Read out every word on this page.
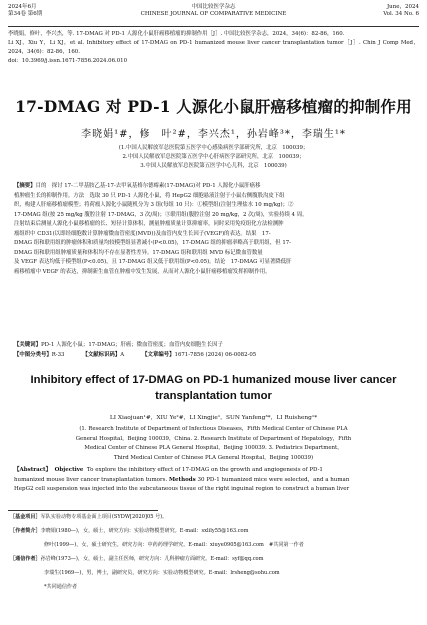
2024年6月	中国比较医学杂志	June，2024
第34卷 第6期	CHINESE JOURNAL OF COMPARATIVE MEDICINE	Vol. 34 No. 6
李晓娟，修叶，李兴杰，等. 17-DMAG 对 PD-1 人源化小鼠肝癌移植瘤的抑制作用［J］. 中国比较医学杂志，2024，34(6)：82-86，160.
Li XJ，Xiu Y，Li XJ，et al. Inhibitory effect of 17-DMAG on PD-1 humanized mouse liver cancer transplantation tumor［J］. Chin J Comp Med，2024，34(6)：82-86，160.
doi：10.3969/j.issn.1671-7856.2024.06.010
17-DMAG 对 PD-1 人源化小鼠肝癌移植瘤的抑制作用
李晓娟¹#，修　叶²#，李兴杰¹，孙岩峰³*，李瑞生¹*
(1.中国人民解放军总医院第五医学中心感染病医学部研究所，北京　100039；
2.中国人民解放军总医院第五医学中心肝病医学部研究所，北京　100039；
3.中国人民解放军总医院第五医学中心儿科，北京　100039)

【摘要】目的　探讨 17-二甲基胺乙基-17-去甲氧基格尔德霉素(17-DMAG)对 PD-1 人源化小鼠肝癌移

植肿瘤生长的抑制作用。方法　选取 30 只 PD-1 人源化小鼠，将 HepG2 细胞悬液注射于小鼠右侧腹股沟皮下组

织，构建人肝癌移植瘤模型；将荷瘤人源化小鼠随机分为 3 组(每组 10 只)：①模型组(注射生理盐水 10 mg/kg)；②

17-DMAG 组(按 25 mg/kg 腹腔注射 17-DMAG，3 次/周)；③联用组(腹腔注射 20 mg/kg，2 次/周)，实验持续 4 周。

注射结束后测量人源化小鼠移植瘤的长、短径计算体积，测量肿瘤质量计算抑瘤率，同时采用免疫组化方法检测肿

瘤组织中 CD31(以即经细胞数计算肿瘤微血管密度(MVD))及血管内皮生长因子(VEGF)的表达。结果　17-

DMAG 组和联用组的肿瘤体积和质量均较模型组显著减小(P<0.05)，17-DMAG 组的抑瘤率略高于联用组，但 17-

DMAG 组和联用组肿瘤质量和体积均不存在显著性差异。17-DMAG 组和联用组 MVD 标记微血管数量

及 VEGF 表达均低于模型组(P<0.05)，且 17-DMAG 组又低于联用组(P<0.05)。结论　17-DMAG 可显著降低肝

癌移植瘤中 VEGF 的表达，抑制新生血管在肿瘤中发生发展，从而对人源化小鼠肝癌移植瘤发挥抑制作用。

【关键词】PD-1 人源化小鼠；17-DMAG；肝癌；微血管密度；血管内皮细胞生长因子
【中图分类号】R-33	【文献标识码】A	【文章编号】1671-7856 (2024) 06-0082-05
Inhibitory effect of 17-DMAG on PD-1 humanized mouse liver cancer transplantation tumor
LI Xiaojuan¹#，XIU Ye²#，LI Xingjie¹，SUN Yanfeng³*，LI Ruisheng¹*
(1. Research Institute of Department of Infectious Diseases，Fifth Medical Center of Chinese PLA
General Hospital，Beijing 100039，China. 2. Research Institute of Department of Hepatology，Fifth
Medical Center of Chinese PLA General Hospital，Beijing 100039. 3. Pediatrics Department，
Third Medical Center of Chinese PLA General Hospital，Beijing 100039)
【Abstract】 Objective To explore the inhibitory effect of 17-DMAG on the growth and angiogenesis of PD-1
humanized mouse liver cancer transplantation tumors. Methods 30 PD-1 humanized mice were selected，and a human
HepG2 cell suspension was injected into the subcutaneous tissue of the right inguinal region to construct a human liver
［基金项目］军队实验动物专项基金面上项目(SYDW[2020]05 号)。
［作者简介］李晓娟(1980—)，女，硕士，研究方向：实验动物模型研究。E-mail：sxlily55@163.com
修叶(1999—)，女，硕士研究生，研究方向：中药药理学研究。E-mail：xiuye0905@163.com　#共同第一作者
［通信作者］孙岩峰(1973—)，女，硕士，副主任医师，研究方向：儿科肿瘤方面研究。E-mail：syf@qq.com
李瑞生(1969—)，男，博士，副研究员，研究方向：实验动物模型研究。E-mail：lrsheng@sohu.com
*共同通信作者
